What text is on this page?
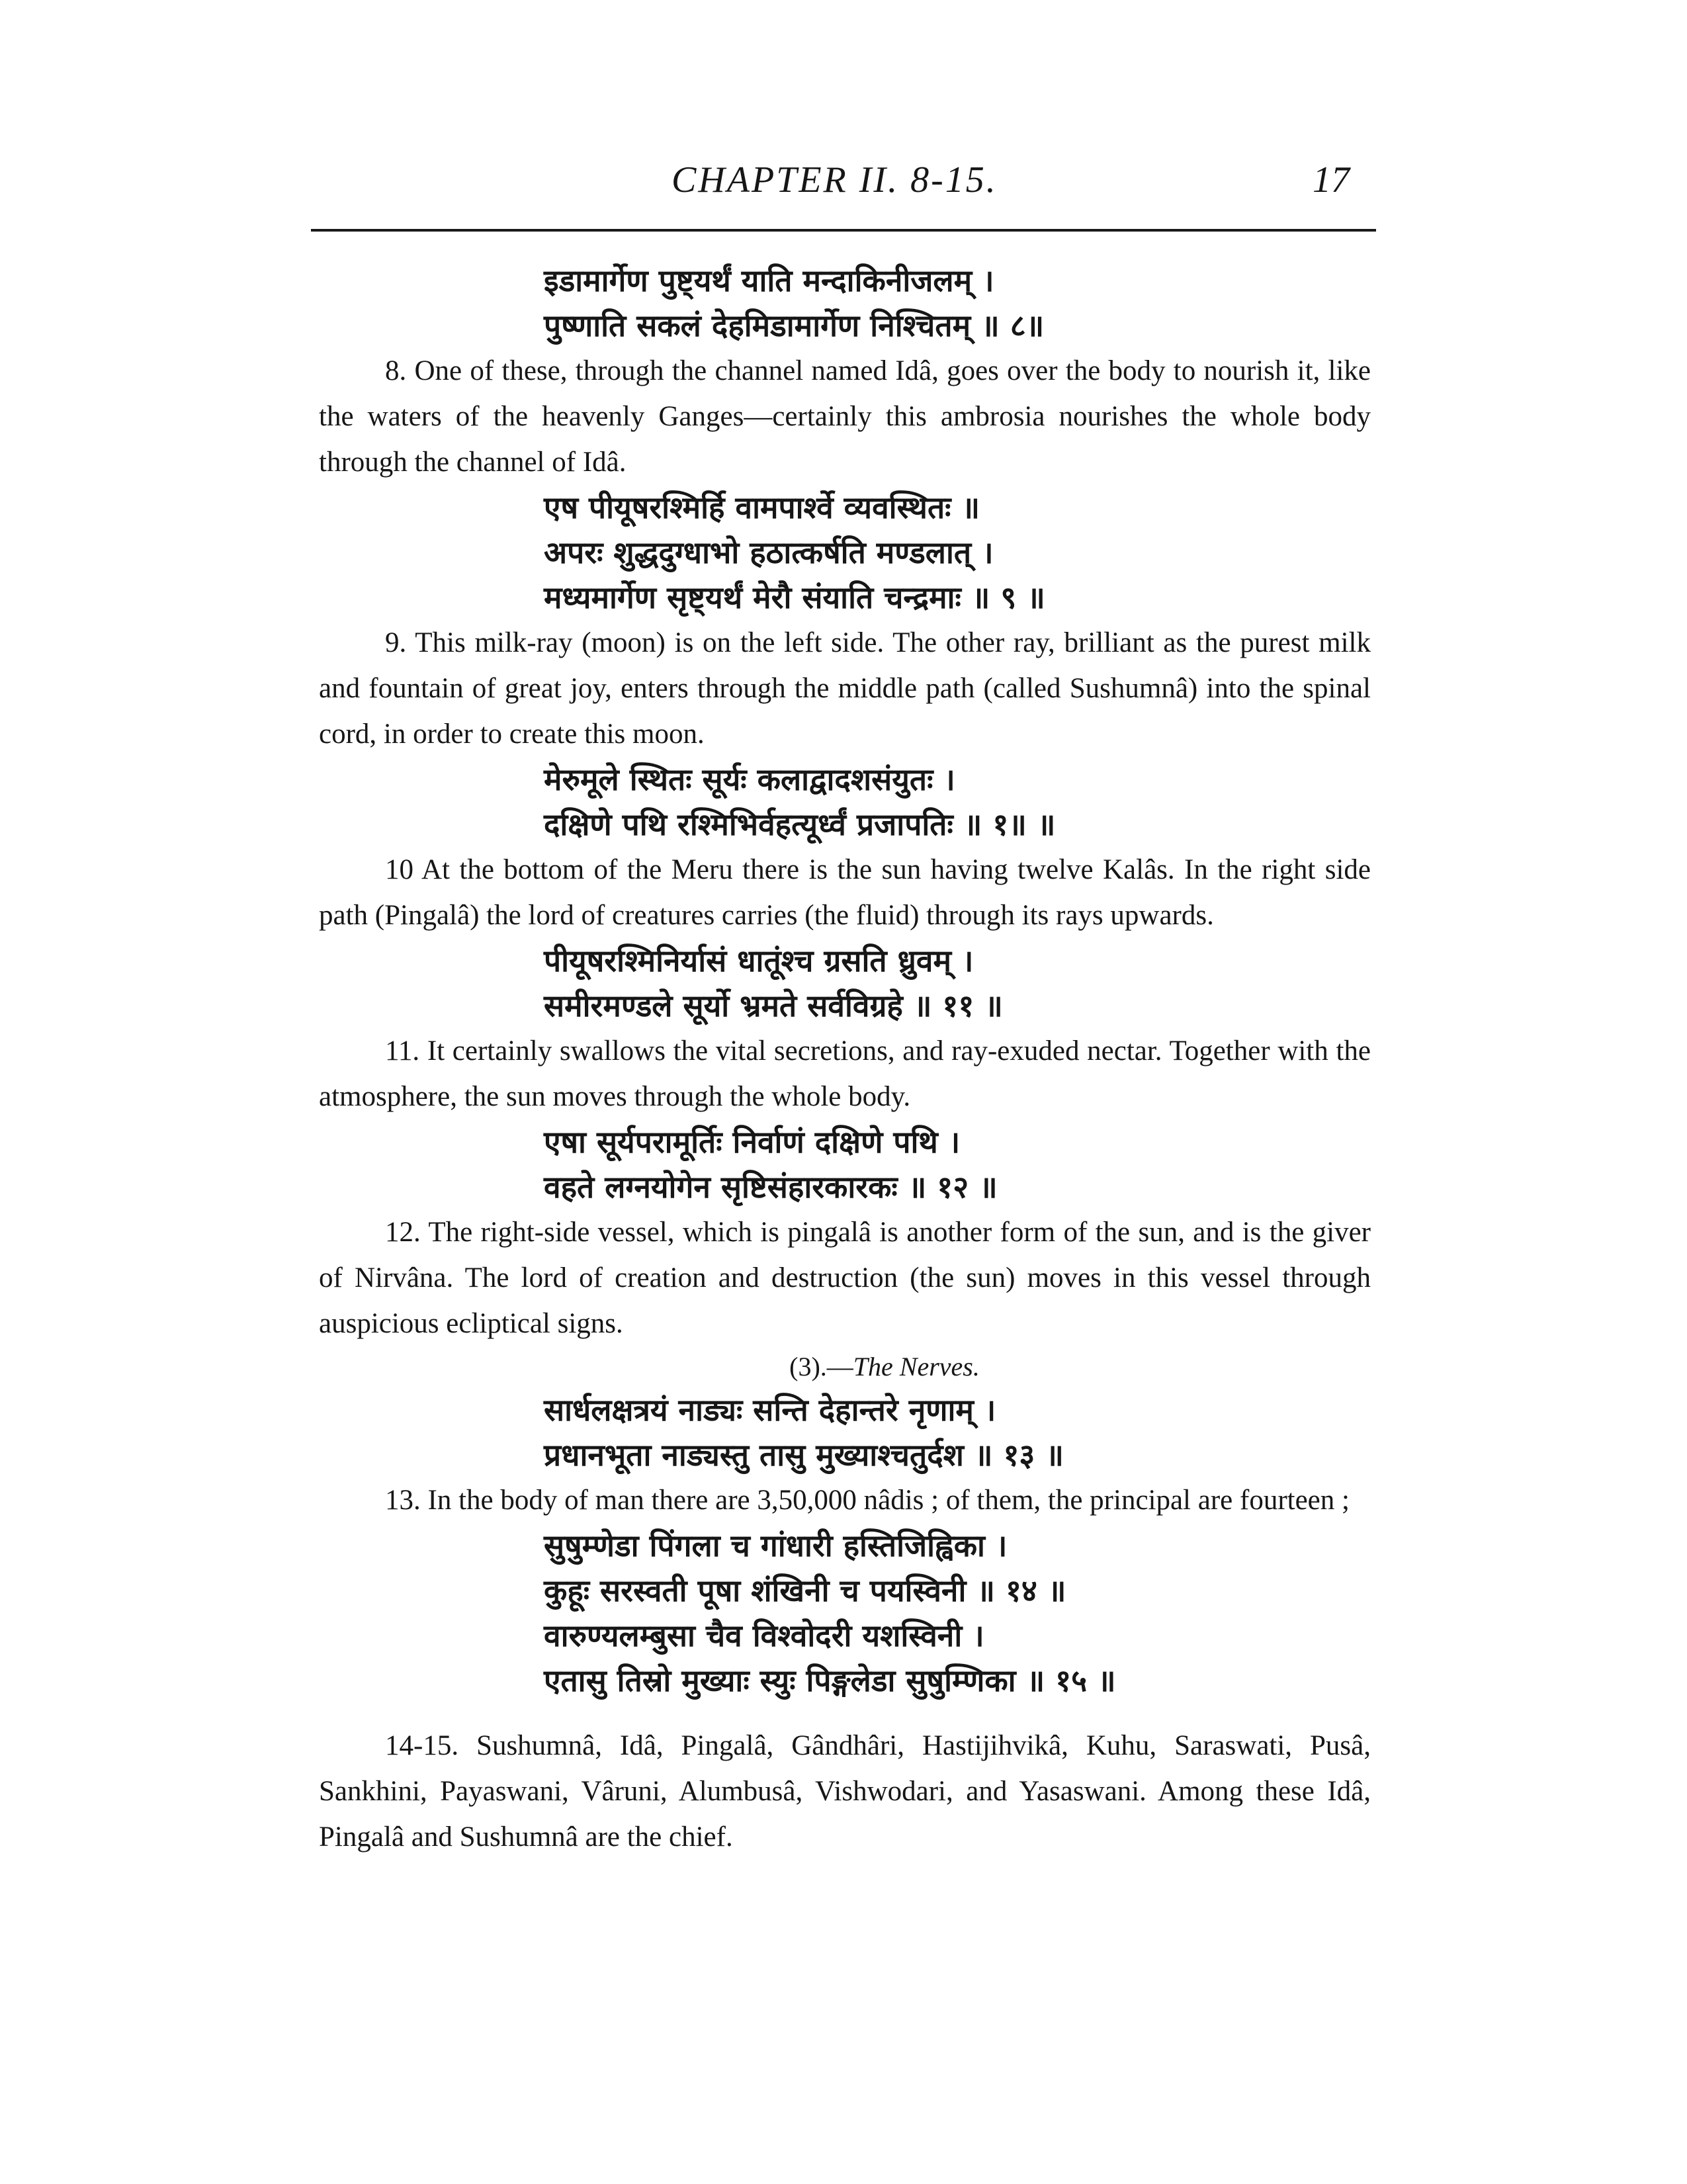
CHAPTER II. 8-15.	17
इडामार्गेण पुष्ट्यर्थं याति मन्दाकिनीजलम् ।
पुष्णाति सकलं देहमिडामार्गेण निश्चितम् ॥ ८॥

8. One of these, through the channel named Idâ, goes over the body to nourish it, like the waters of the heavenly Ganges—certainly this ambrosia nourishes the whole body through the channel of Idâ.

एष पीयूषरश्मिर्हि वामपार्श्वे व्यवस्थितः ॥
अपरः शुद्धदुग्धाभो हठात्कर्षति मण्डलात् ।
मध्यमार्गेण सृष्ट्यर्थं मेरौ संयाति चन्द्रमाः ॥ ९ ॥

9. This milk-ray (moon) is on the left side. The other ray, brilliant as the purest milk and fountain of great joy, enters through the middle path (called Sushumnâ) into the spinal cord, in order to create this moon.

मेरुमूले स्थितः सूर्यः कलाद्वादशसंयुतः ।
दक्षिणे पथि रश्मिभिर्वहत्यूर्ध्वं प्रजापतिः ॥ १॥ ॥

10 At the bottom of the Meru there is the sun having twelve Kalâs. In the right side path (Pingalâ) the lord of creatures carries (the fluid) through its rays upwards.

पीयूषरश्मिनिर्यासं धातूंश्च ग्रसति ध्रुवम् ।
समीरमण्डले सूर्यो भ्रमते सर्वविग्रहे ॥ ११ ॥

11. It certainly swallows the vital secretions, and ray-exuded nectar. Together with the atmosphere, the sun moves through the whole body.

एषा सूर्यपरामूर्तिः निर्वाणं दक्षिणे पथि ।
वहते लग्नयोगेन सृष्टिसंहारकारकः ॥ १२ ॥

12. The right-side vessel, which is pingalâ is another form of the sun, and is the giver of Nirvâna. The lord of creation and destruction (the sun) moves in this vessel through auspicious ecliptical signs.

(3).—The Nerves.
सार्धलक्षत्रयं नाड्यः सन्ति देहान्तरे नृणाम् ।
प्रधानभूता नाड्यस्तु तासु मुख्याश्चतुर्दश ॥ १३ ॥

13. In the body of man there are 3,50,000 nâdis ; of them, the principal are fourteen ;

सुषुम्णेडा पिंगला च गांधारी हस्तिजिह्विका ।
कुहूः सरस्वती पूषा शंखिनी च पयस्विनी ॥ १४ ॥
वारुण्यलम्बुसा चैव विश्वोदरी यशस्विनी ।
एतासु तिस्रो मुख्याः स्युः पिङ्गलेडा सुषुम्णिका ॥ १५ ॥

14-15. Sushumnâ, Idâ, Pingalâ, Gândhâri, Hastijihvikâ, Kuhu, Saraswati, Pusâ, Sankhini, Payaswani, Vâruni, Alumbusâ, Vishwodari, and Yasaswani. Among these Idâ, Pingalâ and Sushumnâ are the chief.
